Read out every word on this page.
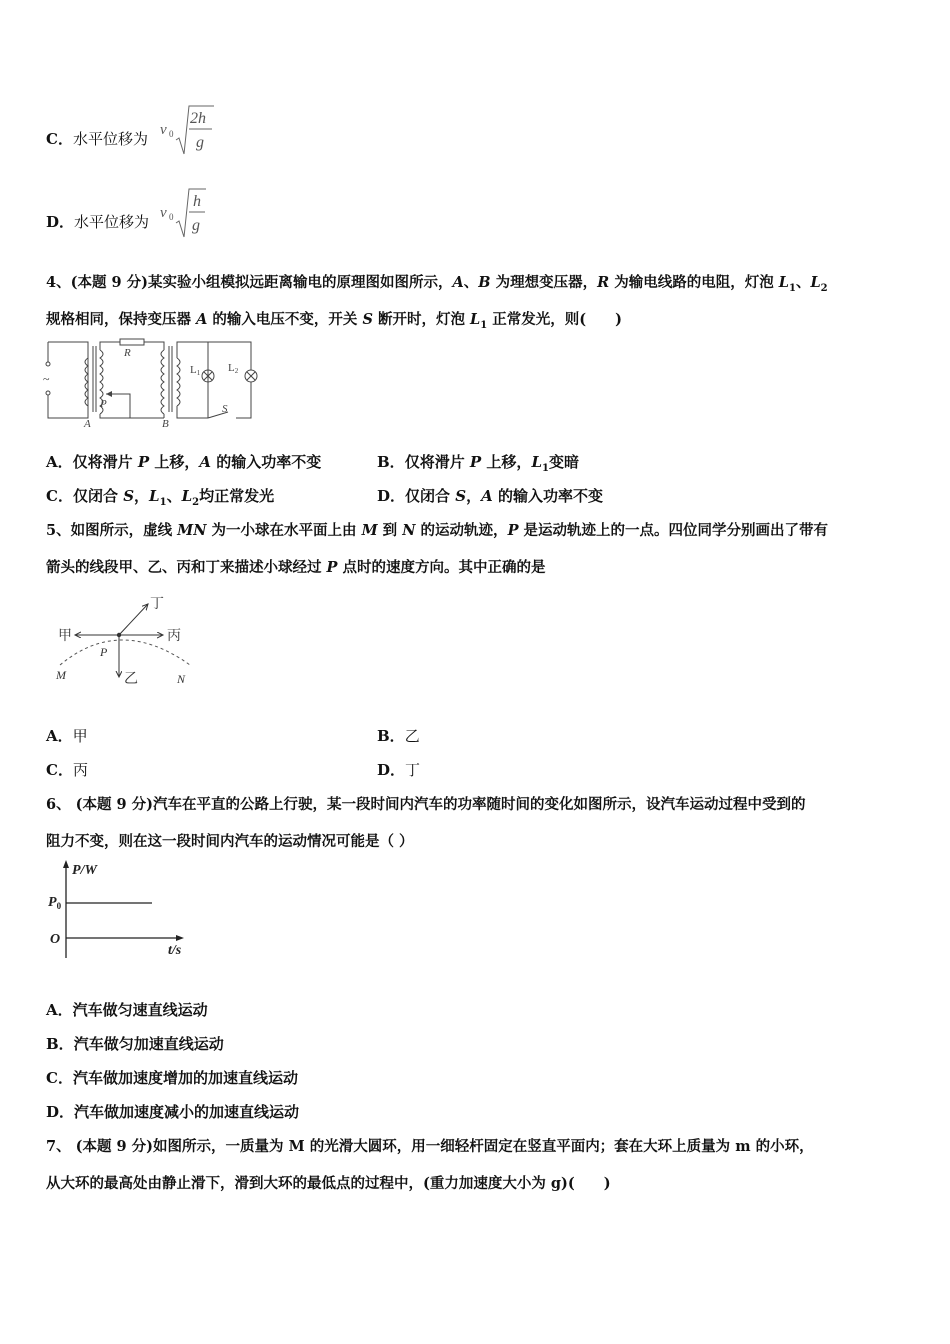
C．水平位移为 v 0
2h
g
D．水平位移为 v 0
h
g
4、(本题 9 分)某实验小组模拟远距离输电的原理图如图所示，A、B 为理想变压器，R 为输电线路的电阻，灯泡 $L_1$、$L_2$
规格相同，保持变压器 A 的输入电压不变，开关 S 断开时，灯泡 $L_1$ 正常发光，则(　　)
~
R
P
A	B
L1	L2
S
A．仅将滑片 P 上移，A 的输入功率不变	B．仅将滑片 P 上移，$L_1$变暗
C．仅闭合 S，$L_1$、$L_2$均正常发光	D．仅闭合 S，A 的输入功率不变
5、如图所示，虚线 MN 为一小球在水平面上由 M 到 N 的运动轨迹，P 是运动轨迹上的一点。四位同学分别画出了带有
箭头的线段甲、乙、丙和丁来描述小球经过 P 点时的速度方向。其中正确的是
甲	丙
乙
丁
P
M	N
A．甲	B．乙
C．丙	D．丁
6、 (本题 9 分)汽车在平直的公路上行驶，某一段时间内汽车的功率随时间的变化如图所示，设汽车运动过程中受到的
阻力不变，则在这一段时间内汽车的运动情况可能是（ ）
P/W
$P_0$
O
t/s
A．汽车做匀速直线运动
B．汽车做匀加速直线运动
C．汽车做加速度增加的加速直线运动
D．汽车做加速度减小的加速直线运动
7、 (本题 9 分)如图所示，一质量为 M 的光滑大圆环，用一细轻杆固定在竖直平面内；套在大环上质量为 m 的小环，
从大环的最高处由静止滑下，滑到大环的最低点的过程中，(重力加速度大小为 g)(　　)
